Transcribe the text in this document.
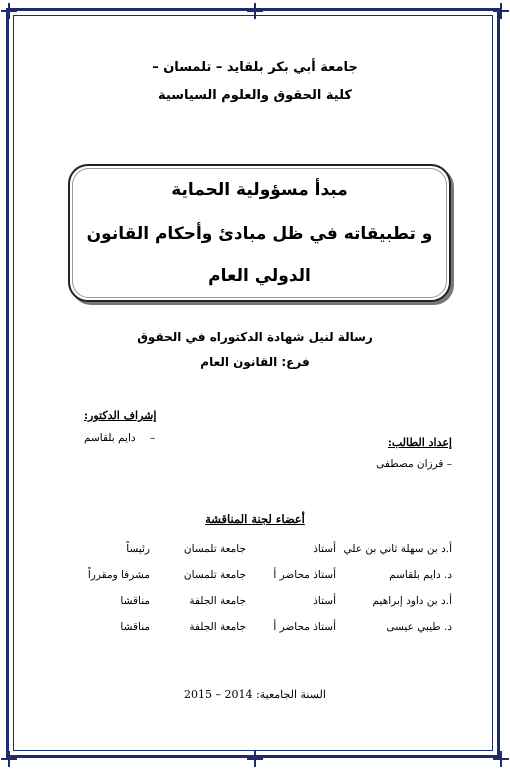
جامعة أبي بكر بلقايد – تلمسان –
كلية الحقوق والعلوم السياسية
مبدأ مسؤولية الحماية
و تطبيقاته في ظل مبادئ وأحكام القانون
الدولي العام
رسالة لنيل شهادة الدكتوراه في الحقوق
فرع: القانون العام
إشراف الدكتور:
دايم بلقاسم	–	إعداد الطالب:
– قرزان مصطفى
أعضاء لجنة المناقشة
أ.د بن سهلة ثاني بن علي
أستاذ
جامعة تلمسان
رئيساً
د. دايم بلقاسم
أستاذ محاضر أ
جامعة تلمسان
مشرفا ومقرراً
أ.د بن داود إبراهيم
أستاذ
جامعة الجلفة
مناقشا
د. طيبي عيسى
أستاذ محاضر أ
جامعة الجلفة
مناقشا
السنة الجامعية: 2014 – 2015
